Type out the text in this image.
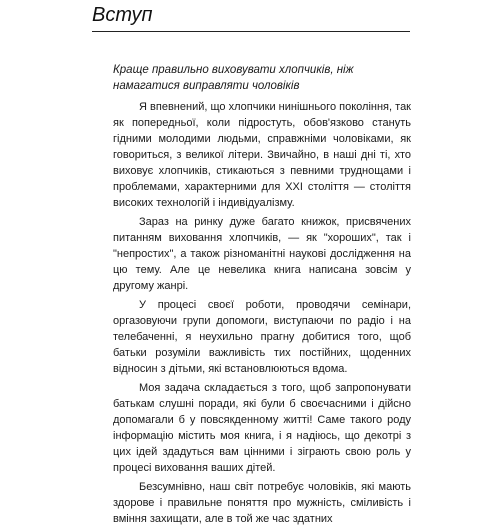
Вступ

Краще правильно виховувати хлопчиків, ніж намагатися виправляти чоловіків

Я впевнений, що хлопчики нинішнього покоління, так як попередньої, коли підростуть, обов'язково стануть гідними молодими людьми, справжніми чоловіками, як говориться, з великої літери. Звичайно, в наші дні ті, хто виховує хлопчиків, стикаються з певними труднощами і проблемами, характерними для XXI століття — століття високих технологій і індивідуалізму.

Зараз на ринку дуже багато книжок, присвячених питанням виховання хлопчиків, — як "хороших", так і "непростих", а також різноманітні наукові дослідження на цю тему. Але це невелика книга написана зовсім у другому жанрі.

У процесі своєї роботи, проводячи семінари, оргазовуючи групи допомоги, виступаючи по радіо і на телебаченні, я неухильно прагну добитися того, щоб батьки розуміли важливість тих постійних, щоденних відносин з дітьми, які встановлюються вдома.

Моя задача складається з того, щоб запропонувати батькам слушні поради, які були б своєчасними і дійсно допомагали б у повсякденному житті! Саме такого роду інформацію містить моя книга, і я надіюсь, що декотрі з цих ідей здадуться вам цінними і зіграють свою роль у процесі виховання ваших дітей.

Безсумнівно, наш світ потребує чоловіків, які мають здорове і правильне поняття про мужність, сміливість і вміння захищати, але в той же час здатних
